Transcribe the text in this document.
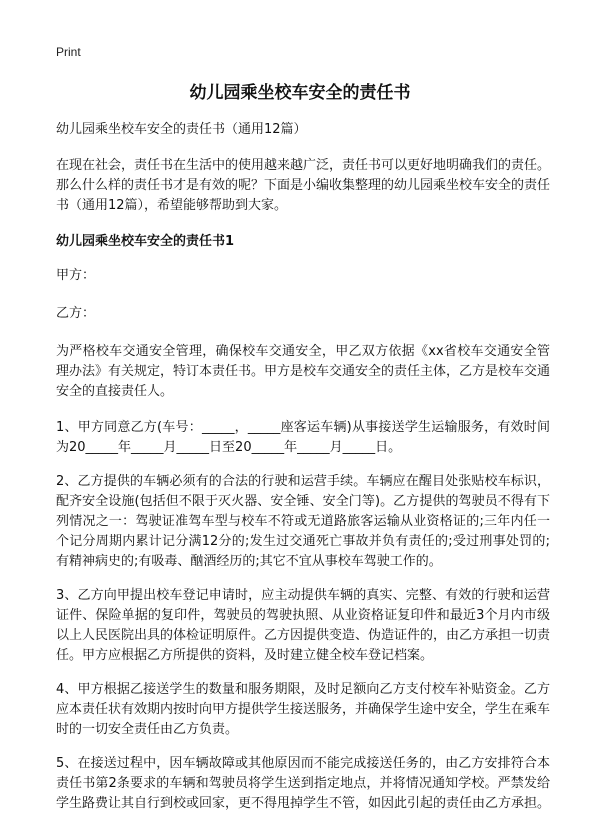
Print
幼儿园乘坐校车安全的责任书

幼儿园乘坐校车安全的责任书（通用12篇）

在现在社会，责任书在生活中的使用越来越广泛，责任书可以更好地明确我们的责任。那么什么样的责任书才是有效的呢？下面是小编收集整理的幼儿园乘坐校车安全的责任书（通用12篇），希望能够帮助到大家。

幼儿园乘坐校车安全的责任书1

甲方：

乙方：

为严格校车交通安全管理，确保校车交通安全，甲乙双方依据《xx省校车交通安全管理办法》有关规定，特订本责任书。甲方是校车交通安全的责任主体，乙方是校车交通安全的直接责任人。

1、甲方同意乙方(车号：_____，_____座客运车辆)从事接送学生运输服务，有效时间为20_____年_____月_____日至20_____年_____月_____日。

2、乙方提供的车辆必须有的合法的行驶和运营手续。车辆应在醒目处张贴校车标识，配齐安全设施(包括但不限于灭火器、安全锤、安全门等)。乙方提供的驾驶员不得有下列情况之一：驾驶证准驾车型与校车不符或无道路旅客运输从业资格证的;三年内任一个记分周期内累计记分满12分的;发生过交通死亡事故并负有责任的;受过刑事处罚的;有精神病史的;有吸毒、酗酒经历的;其它不宜从事校车驾驶工作的。

3、乙方向甲提出校车登记申请时，应主动提供车辆的真实、完整、有效的行驶和运营证件、保险单据的复印件，驾驶员的驾驶执照、从业资格证复印件和最近3个月内市级以上人民医院出具的体检证明原件。乙方因提供变造、伪造证件的，由乙方承担一切责任。甲方应根据乙方所提供的资料，及时建立健全校车登记档案。

4、甲方根据乙接送学生的数量和服务期限，及时足额向乙方支付校车补贴资金。乙方应本责任状有效期内按时向甲方提供学生接送服务，并确保学生途中安全，学生在乘车时的一切安全责任由乙方负责。

5、在接送过程中，因车辆故障或其他原因而不能完成接送任务的，由乙方安排符合本责任书第2条要求的车辆和驾驶员将学生送到指定地点，并将情况通知学校。严禁发给学生路费让其自行到校或回家，更不得甩掉学生不管，如因此引起的责任由乙方承担。
